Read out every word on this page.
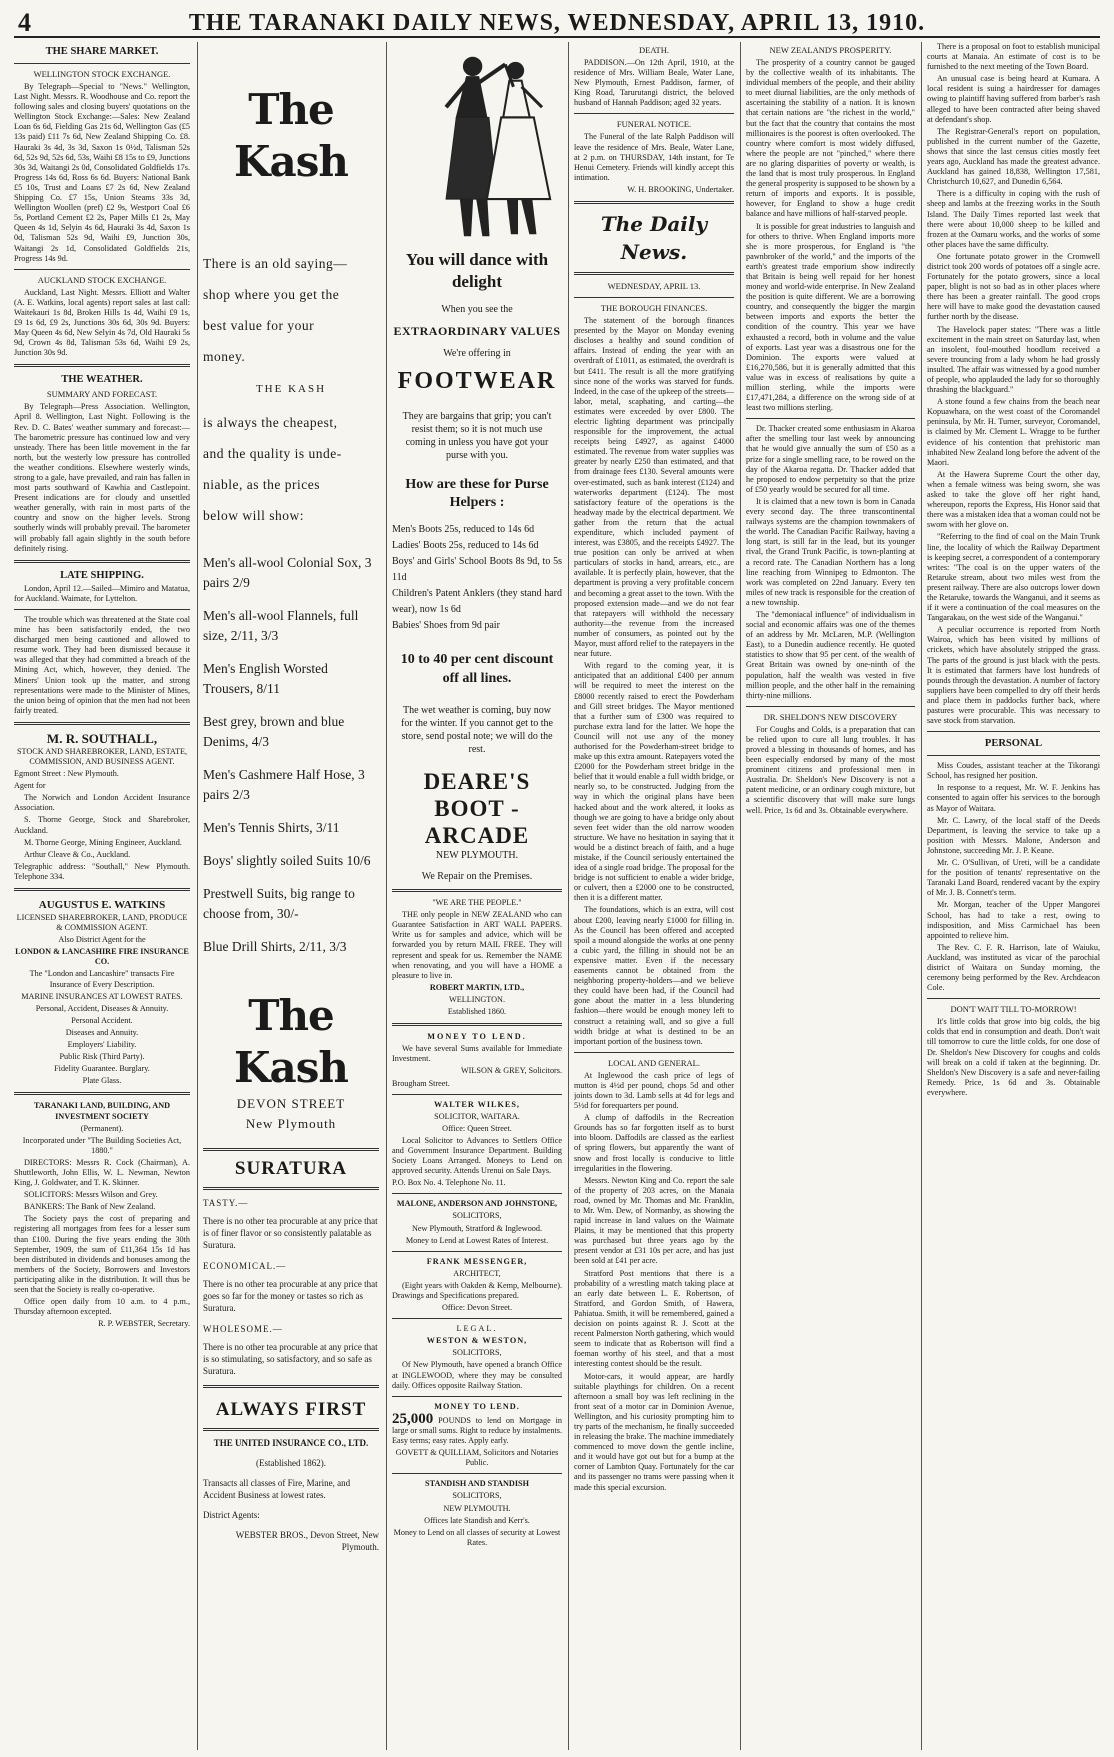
4	THE TARANAKI DAILY NEWS, WEDNESDAY, APRIL 13, 1910.
THE SHARE MARKET.
WELLINGTON STOCK EXCHANGE.

By Telegraph—Special to "News." Wellington, Last Night. Messrs. R. Woodhouse and Co. report the following sales and closing buyers' quotations on the Wellington Stock Exchange:—Sales: New Zealand Loan 6s 6d, Fielding Gas 21s 6d, Wellington Gas (£5 13s paid) £11 7s 6d, New Zealand Shipping Co. £8. Hauraki 3s 4d, 3s 3d, Saxon 1s 0½d, Talisman 52s 6d, 52s 9d, 52s 6d, 53s, Waihi £8 15s to £9, Junctions 30s 3d, Waitangi 2s 0d, Consolidated Goldfields 17s. Progress 14s 6d, Ross 6s 6d. Buyers: National Bank £5 10s, Trust and Loans £7 2s 6d, New Zealand Shipping Co. £7 15s, Union Steams 33s 3d, Wellington Woollen (pref) £2 9s, Westport Coal £6 5s, Portland Cement £2 2s, Paper Mills £1 2s, May Queen 4s 1d, Selyin 4s 6d, Hauraki 3s 4d, Saxon 1s 0d, Talisman 52s 9d, Waihi £9, Junction 30s, Waitangi 2s 1d, Consolidated Goldfields 21s, Progress 14s 9d.

AUCKLAND STOCK EXCHANGE.

Auckland, Last Night. Messrs. Elliott and Walter (A. E. Watkins, local agents) report sales at last call: Waitekauri 1s 8d, Broken Hills 1s 4d, Waihi £9 1s, £9 1s 6d, £9 2s, Junctions 30s 6d, 30s 9d. Buyers: May Queen 4s 6d, New Selyin 4s 7d, Old Hauraki 5s 9d, Crown 4s 8d, Talisman 53s 6d, Waihi £9 2s, Junction 30s 9d.

THE WEATHER.
SUMMARY AND FORECAST.

By Telegraph—Press Association. Wellington, April 8. Wellington, Last Night. Following is the Rev. D. C. Bates' weather summary and forecast:—The barometric pressure has continued low and very unsteady. There has been little movement in the far north, but the westerly low pressure has controlled the weather conditions. Elsewhere westerly winds, strong to a gale, have prevailed, and rain has fallen in most parts southward of Kawhia and Castlepoint. Present indications are for cloudy and unsettled weather generally, with rain in most parts of the country and snow on the higher levels. Strong southerly winds will probably prevail. The barometer will probably fall again slightly in the south before definitely rising.

LATE SHIPPING.

London, April 12.—Sailed—Mimiro and Matatua, for Auckland. Waimate, for Lyttelton.

The trouble which was threatened at the State coal mine has been satisfactorily ended, the two discharged men being cautioned and allowed to resume work. They had been dismissed because it was alleged that they had committed a breach of the Mining Act, which, however, they denied. The Miners' Union took up the matter, and strong representations were made to the Minister of Mines, the union being of opinion that the men had not been fairly treated.

M. R. SOUTHALL,

STOCK AND SHAREBROKER, LAND, ESTATE, COMMISSION, AND BUSINESS AGENT.

Egmont Street : New Plymouth.

Agent for

The Norwich and London Accident Insurance Association.

S. Thorne George, Stock and Sharebroker, Auckland.

M. Thorne George, Mining Engineer, Auckland.

Arthur Cleave & Co., Auckland.

Telegraphic address: "Southall," New Plymouth. Telephone 334.

AUGUSTUS E. WATKINS

LICENSED SHAREBROKER, LAND, PRODUCE & COMMISSION AGENT.

Also District Agent for the

LONDON & LANCASHIRE FIRE INSURANCE CO.

The "London and Lancashire" transacts Fire Insurance of Every Description.

MARINE INSURANCES AT LOWEST RATES.

Personal, Accident, Diseases & Annuity.

Personal Accident.

Diseases and Annuity.

Employers' Liability.

Public Risk (Third Party).

Fidelity Guarantee. Burglary.

Plate Glass.

TARANAKI LAND, BUILDING, AND INVESTMENT SOCIETY

(Permanent).

Incorporated under "The Building Societies Act, 1880."

DIRECTORS: Messrs R. Cock (Chairman), A. Shuttleworth, John Ellis, W. L. Newman, Newton King, J. Goldwater, and T. K. Skinner.

SOLICITORS: Messrs Wilson and Grey.

BANKERS: The Bank of New Zealand.

The Society pays the cost of preparing and registering all mortgages from fees for a lesser sum than £100. During the five years ending the 30th September, 1909, the sum of £11,364 15s 1d has been distributed in dividends and bonuses among the members of the Society, Borrowers and Investors participating alike in the distribution. It will thus be seen that the Society is really co-operative.

Office open daily from 10 a.m. to 4 p.m., Thursday afternoon excepted.

R. P. WEBSTER, Secretary.

The Kash
There is an old saying—
shop where you get the
best value for your
money.
THE KASH
is always the cheapest,
and the quality is unde-
niable, as the prices
below will show:
Men's all-wool Colonial Sox, 3 pairs 2/9
Men's all-wool Flannels, full size, 2/11, 3/3
Men's English Worsted Trousers, 8/11
Best grey, brown and blue Denims, 4/3
Men's Cashmere Half Hose, 3 pairs 2/3
Men's Tennis Shirts, 3/11
Boys' slightly soiled Suits 10/6
Prestwell Suits, big range to choose from, 30/-
Blue Drill Shirts, 2/11, 3/3
The Kash
DEVON STREET
New Plymouth
SURATURA
TASTY.—
There is no other tea procurable at any price that is of finer flavor or so consistently palatable as Suratura.
ECONOMICAL.—
There is no other tea procurable at any price that goes so far for the money or tastes so rich as Suratura.
WHOLESOME.—
There is no other tea procurable at any price that is so stimulating, so satisfactory, and so safe as Suratura.
ALWAYS FIRST
THE UNITED INSURANCE CO., LTD.
(Established 1862).
Transacts all classes of Fire, Marine, and Accident Business at lowest rates.
District Agents:
WEBSTER BROS., Devon Street, New Plymouth.
You will dance with delight
When you see the
EXTRAORDINARY VALUES
We're offering in
FOOTWEAR
They are bargains that grip; you can't resist them; so it is not much use coming in unless you have got your purse with you.
How are these for Purse Helpers :
Men's Boots 25s, reduced to 14s 6d
Ladies' Boots 25s, reduced to 14s 6d
Boys' and Girls' School Boots 8s 9d, to 5s 11d
Children's Patent Anklers (they stand hard wear), now 1s 6d
Babies' Shoes from 9d pair
10 to 40 per cent discount off all lines.
The wet weather is coming, buy now for the winter. If you cannot get to the store, send postal note; we will do the rest.
DEARE'S BOOT - ARCADE
NEW PLYMOUTH.
We Repair on the Premises.

"WE ARE THE PEOPLE."

THE only people in NEW ZEALAND who can Guarantee Satisfaction in ART WALL PAPERS. Write us for samples and advice, which will be forwarded you by return MAIL FREE. They will represent and speak for us. Remember the NAME when renovating, and you will have a HOME a pleasure to live in.

ROBERT MARTIN, LTD.,

WELLINGTON.

Established 1860.

MONEY TO LEND.

We have several Sums available for Immediate Investment.

WILSON & GREY, Solicitors.

Brougham Street.

WALTER WILKES,

SOLICITOR, WAITARA.

Office: Queen Street.

Local Solicitor to Advances to Settlers Office and Government Insurance Department. Building Society Loans Arranged. Moneys to Lend on approved security. Attends Urenui on Sale Days.

P.O. Box No. 4. Telephone No. 11.

MALONE, ANDERSON AND JOHNSTONE,

SOLICITORS,

New Plymouth, Stratford & Inglewood.

Money to Lend at Lowest Rates of Interest.

FRANK MESSENGER,

ARCHITECT,

(Eight years with Oakden & Kemp, Melbourne). Drawings and Specifications prepared.

Office: Devon Street.

LEGAL.

WESTON & WESTON,

SOLICITORS,

Of New Plymouth, have opened a branch Office at INGLEWOOD, where they may be consulted daily. Offices opposite Railway Station.

MONEY TO LEND.

25,000 POUNDS to lend on Mortgage in large or small sums. Right to reduce by instalments. Easy terms; easy rates. Apply early.

GOVETT & QUILLIAM, Solicitors and Notaries Public.

STANDISH AND STANDISH

SOLICITORS,

NEW PLYMOUTH.

Offices late Standish and Kerr's.

Money to Lend on all classes of security at Lowest Rates.

DEATH.

PADDISON.—On 12th April, 1910, at the residence of Mrs. William Beale, Water Lane, New Plymouth, Ernest Paddison, farmer, of King Road, Tarurutangi district, the beloved husband of Hannah Paddison; aged 32 years.

FUNERAL NOTICE.

The Funeral of the late Ralph Paddison will leave the residence of Mrs. Beale, Water Lane, at 2 p.m. on THURSDAY, 14th instant, for Te Henui Cemetery. Friends will kindly accept this intimation.

W. H. BROOKING, Undertaker.

The Daily News.
WEDNESDAY, APRIL 13.
THE BOROUGH FINANCES.

The statement of the borough finances presented by the Mayor on Monday evening discloses a healthy and sound condition of affairs. Instead of ending the year with an overdraft of £1011, as estimated, the overdraft is but £411. The result is all the more gratifying since none of the works was starved for funds. Indeed, in the case of the upkeep of the streets—labor, metal, scaphating, and carting—the estimates were exceeded by over £800. The electric lighting department was principally responsible for the improvement, the actual receipts being £4927, as against £4000 estimated. The revenue from water supplies was greater by nearly £250 than estimated, and that from drainage fees £130. Several amounts were over-estimated, such as bank interest (£124) and waterworks department (£124). The most satisfactory feature of the operations is the headway made by the electrical department. We gather from the return that the actual expenditure, which included payment of interest, was £3805, and the receipts £4927. The true position can only be arrived at when particulars of stocks in hand, arrears, etc., are available. It is perfectly plain, however, that the department is proving a very profitable concern and becoming a great asset to the town. With the proposed extension made—and we do not fear that ratepayers will withhold the necessary authority—the revenue from the increased number of consumers, as pointed out by the Mayor, must afford relief to the ratepayers in the near future.

With regard to the coming year, it is anticipated that an additional £400 per annum will be required to meet the interest on the £8000 recently raised to erect the Powderham and Gill street bridges. The Mayor mentioned that a further sum of £300 was required to purchase extra land for the latter. We hope the Council will not use any of the money authorised for the Powderham-street bridge to make up this extra amount. Ratepayers voted the £2000 for the Powderham street bridge in the belief that it would enable a full width bridge, or nearly so, to be constructed. Judging from the way in which the original plans have been hacked about and the work altered, it looks as though we are going to have a bridge only about seven feet wider than the old narrow wooden structure. We have no hesitation in saying that it would be a distinct breach of faith, and a huge mistake, if the Council seriously entertained the idea of a single road bridge. The proposal for the bridge is not sufficient to enable a wider bridge, or culvert, then a £2000 one to be constructed, then it is a different matter.

The foundations, which is an extra, will cost about £200, leaving nearly £1000 for filling in. As the Council has been offered and accepted spoil a mound alongside the works at one penny a cubic yard, the filling in should not be an expensive matter. Even if the necessary easements cannot be obtained from the neighboring property-holders—and we believe they could have been had, if the Council had gone about the matter in a less blundering fashion—there would be enough money left to construct a retaining wall, and so give a full width bridge at what is destined to be an important portion of the business town.

LOCAL AND GENERAL.

At Inglewood the cash price of legs of mutton is 4½d per pound, chops 5d and other joints down to 3d. Lamb sells at 4d for legs and 5½d for forequarters per pound.

A clump of daffodils in the Recreation Grounds has so far forgotten itself as to burst into bloom. Daffodils are classed as the earliest of spring flowers, but apparently the want of snow and frost locally is conducive to little irregularities in the flowering.

Messrs. Newton King and Co. report the sale of the property of 203 acres, on the Manaia road, owned by Mr. Thomas and Mr. Franklin, to Mr. Wm. Dew, of Normanby, as showing the rapid increase in land values on the Waimate Plains, it may be mentioned that this property was purchased but three years ago by the present vendor at £31 10s per acre, and has just been sold at £41 per acre.

Stratford Post mentions that there is a probability of a wrestling match taking place at an early date between L. E. Robertson, of Stratford, and Gordon Smith, of Hawera, Pahiatua. Smith, it will be remembered, gained a decision on points against R. J. Scott at the recent Palmerston North gathering, which would seem to indicate that as Robertson will find a foeman worthy of his steel, and that a most interesting contest should be the result.

Motor-cars, it would appear, are hardly suitable playthings for children. On a recent afternoon a small boy was left reclining in the front seat of a motor car in Dominion Avenue, Wellington, and his curiosity prompting him to try parts of the mechanism, he finally succeeded in releasing the brake. The machine immediately commenced to move down the gentle incline, and it would have got out but for a bump at the corner of Lambton Quay. Fortunately for the car and its passenger no trams were passing when it made this special excursion.

NEW ZEALAND'S PROSPERITY.

The prosperity of a country cannot be gauged by the collective wealth of its inhabitants. The individual members of the people, and their ability to meet diurnal liabilities, are the only methods of ascertaining the stability of a nation. It is known that certain nations are "the richest in the world," but the fact that the country that contains the most millionaires is the poorest is often overlooked. The country where comfort is most widely diffused, where the people are not "pinched," where there are no glaring disparities of poverty or wealth, is the land that is most truly prosperous. In England the general prosperity is supposed to be shown by a return of imports and exports. It is possible, however, for England to show a huge credit balance and have millions of half-starved people.

It is possible for great industries to languish and for others to thrive. When England imports more she is more prosperous, for England is "the pawnbroker of the world," and the imports of the earth's greatest trade emporium show indirectly that Britain is being well repaid for her honest money and world-wide enterprise. In New Zealand the position is quite different. We are a borrowing country, and consequently the bigger the margin between imports and exports the better the condition of the country. This year we have exhausted a record, both in volume and the value of exports. Last year was a disastrous one for the Dominion. The exports were valued at £16,270,586, but it is generally admitted that this value was in excess of realisations by quite a million sterling, while the imports were £17,471,284, a difference on the wrong side of at least two millions sterling.

Dr. Thacker created some enthusiasm in Akaroa after the smelling tour last week by announcing that he would give annually the sum of £50 as a prize for a single smelling race, to be rowed on the day of the Akaroa regatta. Dr. Thacker added that he proposed to endow perpetuity so that the prize of £50 yearly would be secured for all time.

It is claimed that a new town is born in Canada every second day. The three transcontinental railways systems are the champion townmakers of the world. The Canadian Pacific Railway, having a long start, is still far in the lead, but its younger rival, the Grand Trunk Pacific, is town-planting at a record rate. The Canadian Northern has a long line reaching from Winnipeg to Edmonton. The work was completed on 22nd January. Every ten miles of new track is responsible for the creation of a new township.

The "demoniacal influence" of individualism in social and economic affairs was one of the themes of an address by Mr. McLaren, M.P. (Wellington East), to a Dunedin audience recently. He quoted statistics to show that 95 per cent. of the wealth of Great Britain was owned by one-ninth of the population, half the wealth was vested in five million people, and the other half in the remaining thirty-nine millions.

DR. SHELDON'S NEW DISCOVERY

For Coughs and Colds, is a preparation that can be relied upon to cure all lung troubles. It has proved a blessing in thousands of homes, and has been especially endorsed by many of the most prominent citizens and professional men in Australia. Dr. Sheldon's New Discovery is not a patent medicine, or an ordinary cough mixture, but a scientific discovery that will make sure lungs well. Price, 1s 6d and 3s. Obtainable everywhere.

There is a proposal on foot to establish municipal courts at Manaia. An estimate of cost is to be furnished to the next meeting of the Town Board.

An unusual case is being heard at Kumara. A local resident is suing a hairdresser for damages owing to plaintiff having suffered from barber's rash alleged to have been contracted after being shaved at defendant's shop.

The Registrar-General's report on population, published in the current number of the Gazette, shows that since the last census cities mostly feet years ago, Auckland has made the greatest advance. Auckland has gained 18,838, Wellington 17,581, Christchurch 10,627, and Dunedin 6,564.

There is a difficulty in coping with the rush of sheep and lambs at the freezing works in the South Island. The Daily Times reported last week that there were about 10,000 sheep to be killed and frozen at the Oamaru works, and the works of some other places have the same difficulty.

One fortunate potato grower in the Cromwell district took 200 words of potatoes off a single acre. Fortunately for the potato growers, since a local paper, blight is not so bad as in other places where there has been a greater rainfall. The good crops here will have to make good the devastation caused further north by the disease.

The Havelock paper states: "There was a little excitement in the main street on Saturday last, when an insolent, foul-mouthed hoodlum received a severe trouncing from a lady whom he had grossly insulted. The affair was witnessed by a good number of people, who applauded the lady for so thoroughly thrashing the blackguard."

A stone found a few chains from the beach near Kopuawhara, on the west coast of the Coromandel peninsula, by Mr. H. Turner, surveyor, Coromandel, is claimed by Mr. Clement L. Wragge to be further evidence of his contention that prehistoric man inhabited New Zealand long before the advent of the Maori.

At the Hawera Supreme Court the other day, when a female witness was being sworn, she was asked to take the glove off her right hand, whereupon, reports the Express, His Honor said that there was a mistaken idea that a woman could not be sworn with her glove on.

"Referring to the find of coal on the Main Trunk line, the locality of which the Railway Department is keeping secret, a correspondent of a contemporary writes: "The coal is on the upper waters of the Retaruke stream, about two miles west from the present railway. There are also outcrops lower down the Retaruke, towards the Wanganui, and it seems as if it were a continuation of the coal measures on the Tangarakau, on the west side of the Wanganui."

A peculiar occurrence is reported from North Wairoa, which has been visited by millions of crickets, which have absolutely stripped the grass. The parts of the ground is just black with the pests. It is estimated that farmers have lost hundreds of pounds through the devastation. A number of factory suppliers have been compelled to dry off their herds and place them in paddocks further back, where pastures were procurable. This was necessary to save stock from starvation.

PERSONAL

Miss Coudes, assistant teacher at the Tikorangi School, has resigned her position.

In response to a request, Mr. W. F. Jenkins has consented to again offer his services to the borough as Mayor of Waitara.

Mr. C. Lawry, of the local staff of the Deeds Department, is leaving the service to take up a position with Messrs. Malone, Anderson and Johnstone, succeeding Mr. J. P. Keane.

Mr. C. O'Sullivan, of Ureti, will be a candidate for the position of tenants' representative on the Taranaki Land Board, rendered vacant by the expiry of Mr. J. B. Connett's term.

Mr. Morgan, teacher of the Upper Mangorei School, has had to take a rest, owing to indisposition, and Miss Carmichael has been appointed to relieve him.

The Rev. C. F. R. Harrison, late of Waiuku, Auckland, was instituted as vicar of the parochial district of Waitara on Sunday morning, the ceremony being performed by the Rev. Archdeacon Cole.

DON'T WAIT TILL TO-MORROW!

It's little colds that grow into big colds, the big colds that end in consumption and death. Don't wait till tomorrow to cure the little colds, for one dose of Dr. Sheldon's New Discovery for coughs and colds will break on a cold if taken at the beginning. Dr. Sheldon's New Discovery is a safe and never-failing Remedy. Price, 1s 6d and 3s. Obtainable everywhere.
